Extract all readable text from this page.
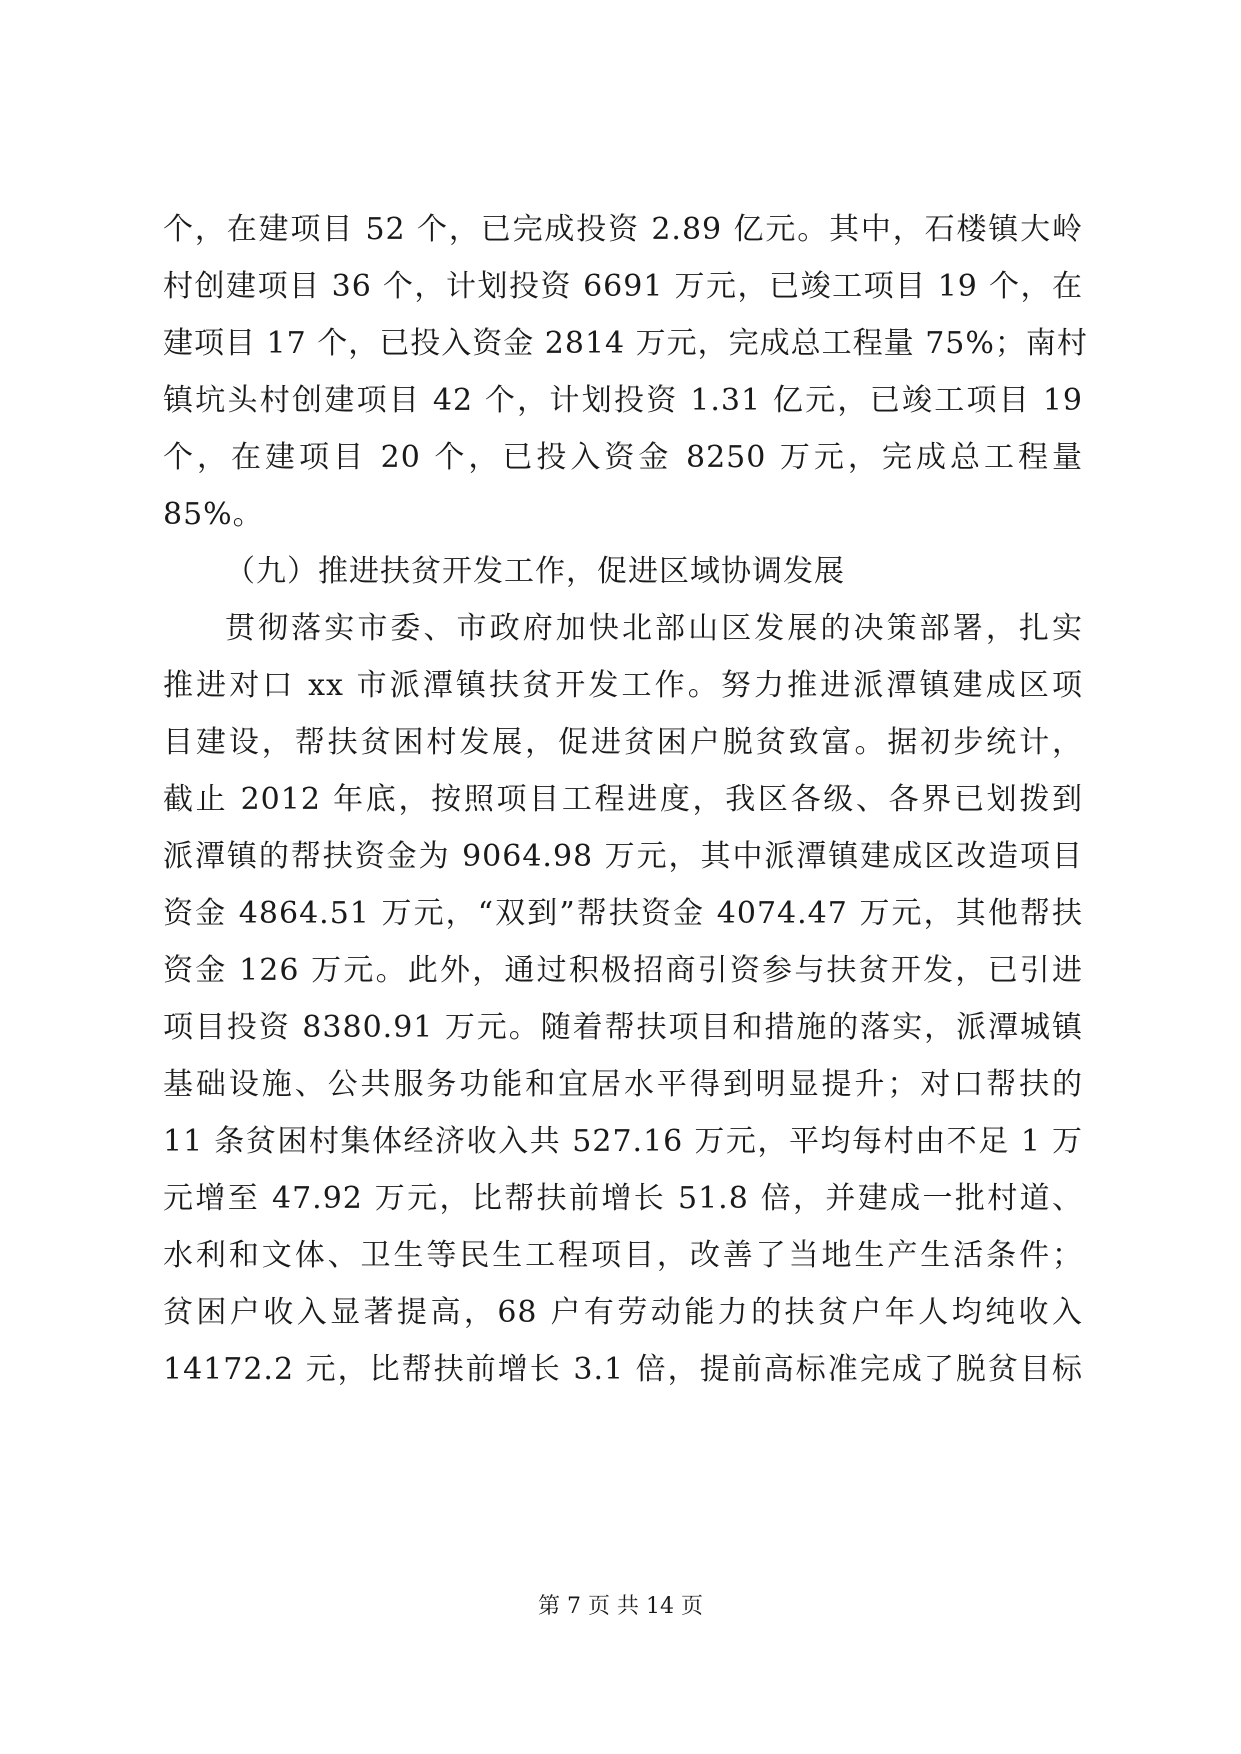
个，在建项目 52 个，已完成投资 2.89 亿元。其中，石楼镇大岭
村创建项目 36 个，计划投资 6691 万元，已竣工项目 19 个，在
建项目 17 个，已投入资金 2814 万元，完成总工程量 75%；南村
镇坑头村创建项目 42 个，计划投资 1.31 亿元，已竣工项目 19
个，在建项目 20 个，已投入资金 8250 万元，完成总工程量
85%。
（九）推进扶贫开发工作，促进区域协调发展
贯彻落实市委、市政府加快北部山区发展的决策部署，扎实
推进对口 xx 市派潭镇扶贫开发工作。努力推进派潭镇建成区项
目建设，帮扶贫困村发展，促进贫困户脱贫致富。据初步统计，
截止 2012 年底，按照项目工程进度，我区各级、各界已划拨到
派潭镇的帮扶资金为 9064.98 万元，其中派潭镇建成区改造项目
资金 4864.51 万元，“双到”帮扶资金 4074.47 万元，其他帮扶
资金 126 万元。此外，通过积极招商引资参与扶贫开发，已引进
项目投资 8380.91 万元。随着帮扶项目和措施的落实，派潭城镇
基础设施、公共服务功能和宜居水平得到明显提升；对口帮扶的
11 条贫困村集体经济收入共 527.16 万元，平均每村由不足 1 万
元增至 47.92 万元，比帮扶前增长 51.8 倍，并建成一批村道、
水利和文体、卫生等民生工程项目，改善了当地生产生活条件；
贫困户收入显著提高，68 户有劳动能力的扶贫户年人均纯收入
14172.2 元，比帮扶前增长 3.1 倍，提前高标准完成了脱贫目标
第 7 页 共 14 页
